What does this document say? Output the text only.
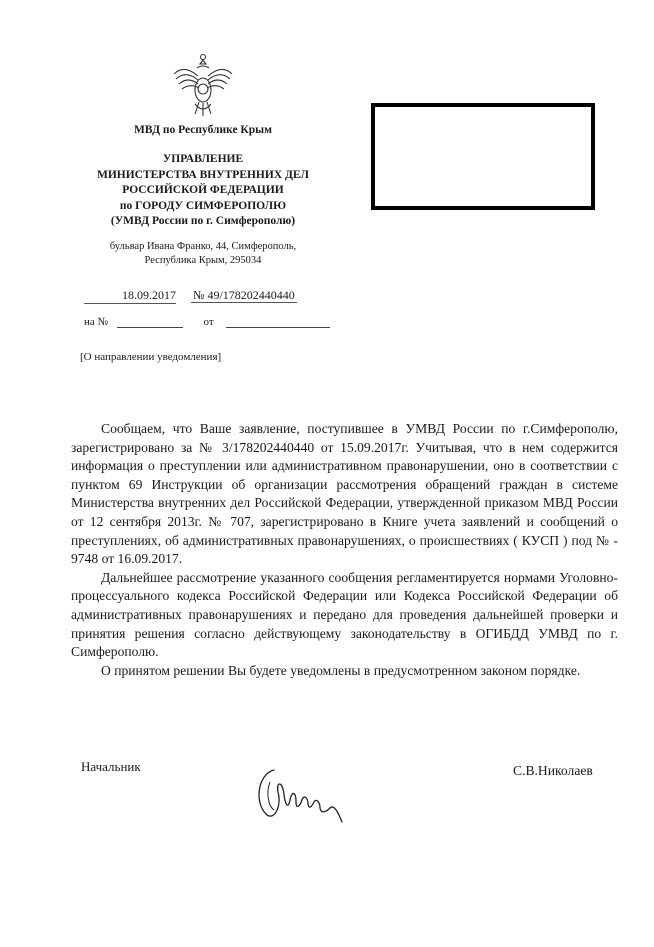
МВД по Республике Крым
УПРАВЛЕНИЕ
МИНИСТЕРСТВА ВНУТРЕННИХ ДЕЛ
РОССИЙСКОЙ ФЕДЕРАЦИИ
по ГОРОДУ СИМФЕРОПОЛЮ
(УМВД России по г. Симферополю)
бульвар Ивана Франко, 44, Симферополь,
Республика Крым, 295034
18.09.2017 № 49/178202440440
на №	от
[О направлении уведомления]

Сообщаем, что Ваше заявление, поступившее в УМВД России по г.Симферополю, зарегистрировано за № 3/178202440440 от 15.09.2017г. Учитывая, что в нем содержится информация о преступлении или административном правонарушении, оно в соответствии с пунктом 69 Инструкции об организации рассмотрения обращений граждан в системе Министерства внутренних дел Российской Федерации, утвержденной приказом МВД России от 12 сентября 2013г. № 707, зарегистрировано в Книге учета заявлений и сообщений о преступлениях, об административных правонарушениях, о происшествиях ( КУСП ) под № - 9748 от 16.09.2017.

Дальнейшее рассмотрение указанного сообщения регламентируется нормами Уголовно-процессуального кодекса Российской Федерации или Кодекса Российской Федерации об административных правонарушениях и передано для проведения дальнейшей проверки и принятия решения согласно действующему законодательству в ОГИБДД УМВД по г. Симферополю.

О принятом решении Вы будете уведомлены в предусмотренном законом порядке.

Начальник	С.В.Николаев
